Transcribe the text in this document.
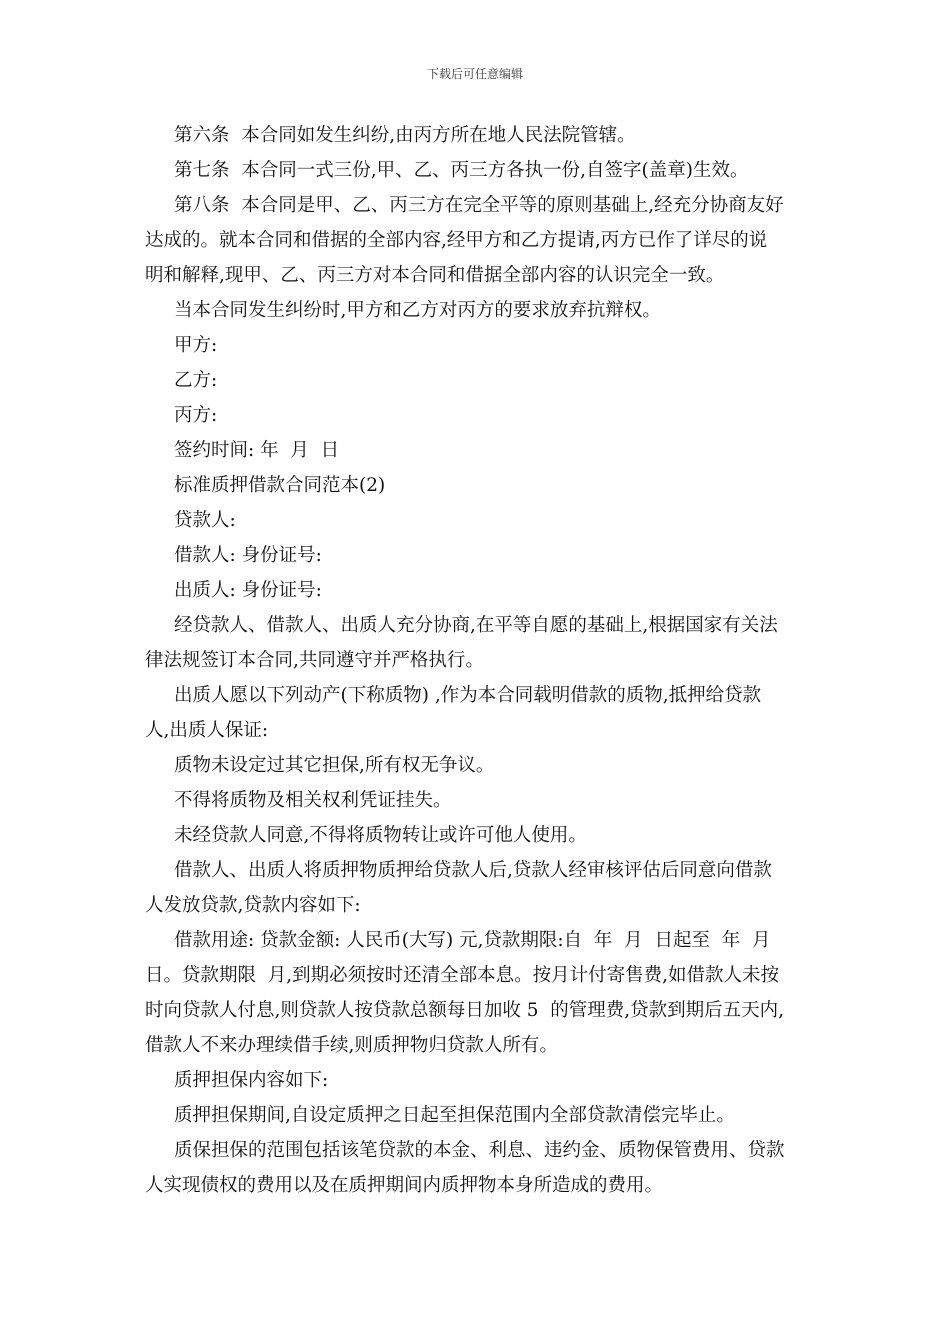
下载后可任意编辑
第六条  本合同如发生纠纷,由丙方所在地人民法院管辖。
第七条  本合同一式三份,甲、乙、丙三方各执一份,自签字(盖章)生效。
第八条  本合同是甲、乙、丙三方在完全平等的原则基础上,经充分协商友好
达成的。就本合同和借据的全部内容,经甲方和乙方提请,丙方已作了详尽的说
明和解释,现甲、乙、丙三方对本合同和借据全部内容的认识完全一致。
当本合同发生纠纷时,甲方和乙方对丙方的要求放弃抗辩权。
甲方:
乙方:
丙方:
签约时间: 年  月  日
标准质押借款合同范本(2)
贷款人:
借款人: 身份证号:
出质人: 身份证号:
经贷款人、借款人、出质人充分协商,在平等自愿的基础上,根据国家有关法
律法规签订本合同,共同遵守并严格执行。
出质人愿以下列动产(下称质物) ,作为本合同载明借款的质物,抵押给贷款
人,出质人保证:
质物未设定过其它担保,所有权无争议。
不得将质物及相关权利凭证挂失。
未经贷款人同意,不得将质物转让或许可他人使用。
借款人、出质人将质押物质押给贷款人后,贷款人经审核评估后同意向借款
人发放贷款,贷款内容如下:
借款用途: 贷款金额: 人民币(大写) 元,贷款期限:自  年  月  日起至  年  月
日。贷款期限  月,到期必须按时还清全部本息。按月计付寄售费,如借款人未按
时向贷款人付息,则贷款人按贷款总额每日加收 5  的管理费,贷款到期后五天内,
借款人不来办理续借手续,则质押物归贷款人所有。
质押担保内容如下:
质押担保期间,自设定质押之日起至担保范围内全部贷款清偿完毕止。
质保担保的范围包括该笔贷款的本金、利息、违约金、质物保管费用、贷款
人实现债权的费用以及在质押期间内质押物本身所造成的费用。
